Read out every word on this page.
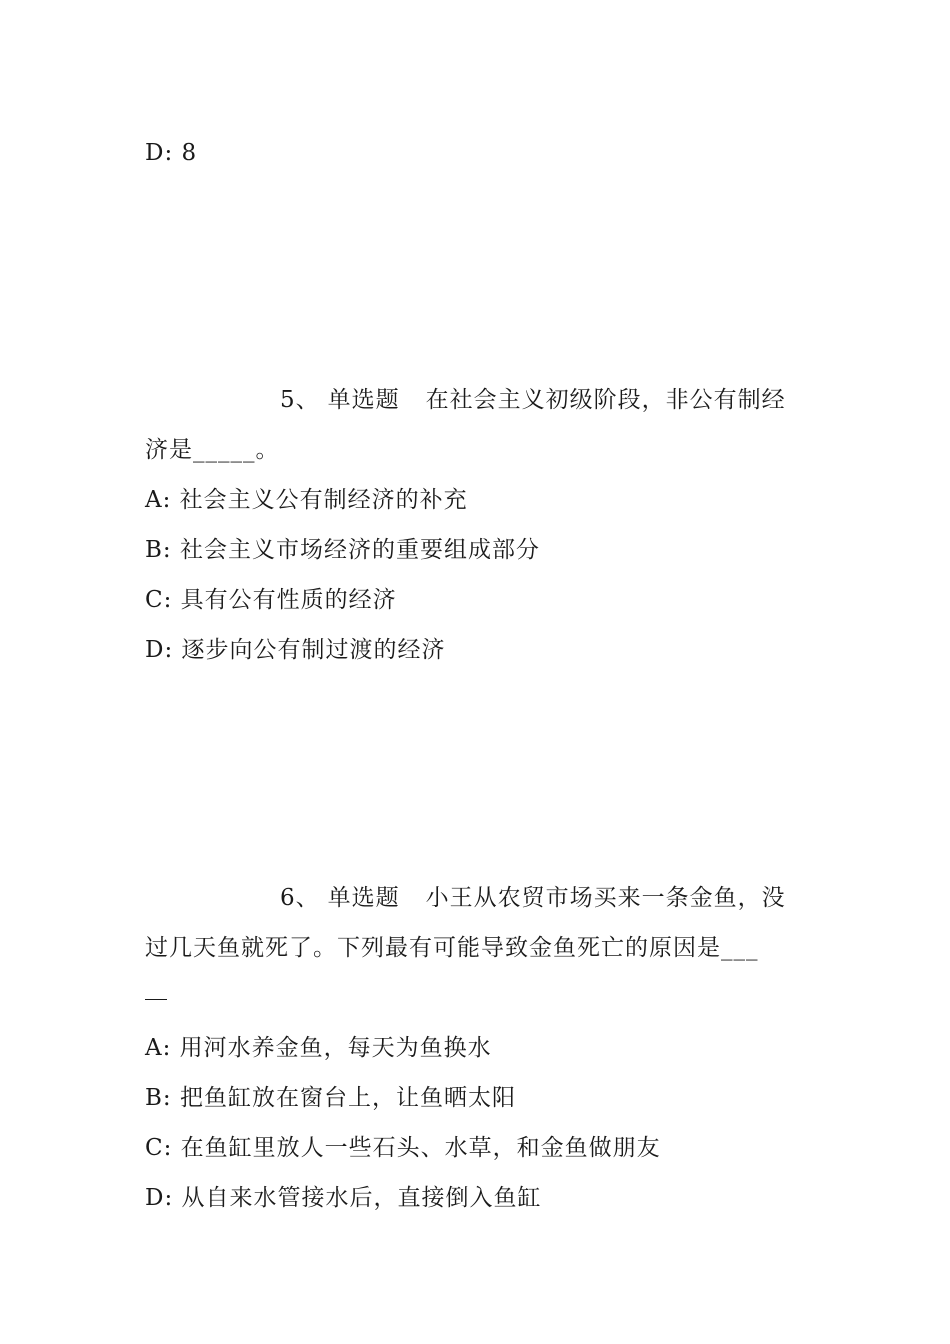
D: 8
5、 单选题 在社会主义初级阶段，非公有制经
济是_____。
A: 社会主义公有制经济的补充
B: 社会主义市场经济的重要组成部分
C: 具有公有性质的经济
D: 逐步向公有制过渡的经济
6、 单选题 小王从农贸市场买来一条金鱼，没
过几天鱼就死了。下列最有可能导致金鱼死亡的原因是___
A: 用河水养金鱼，每天为鱼换水
B: 把鱼缸放在窗台上，让鱼晒太阳
C: 在鱼缸里放人一些石头、水草，和金鱼做朋友
D: 从自来水管接水后，直接倒入鱼缸
